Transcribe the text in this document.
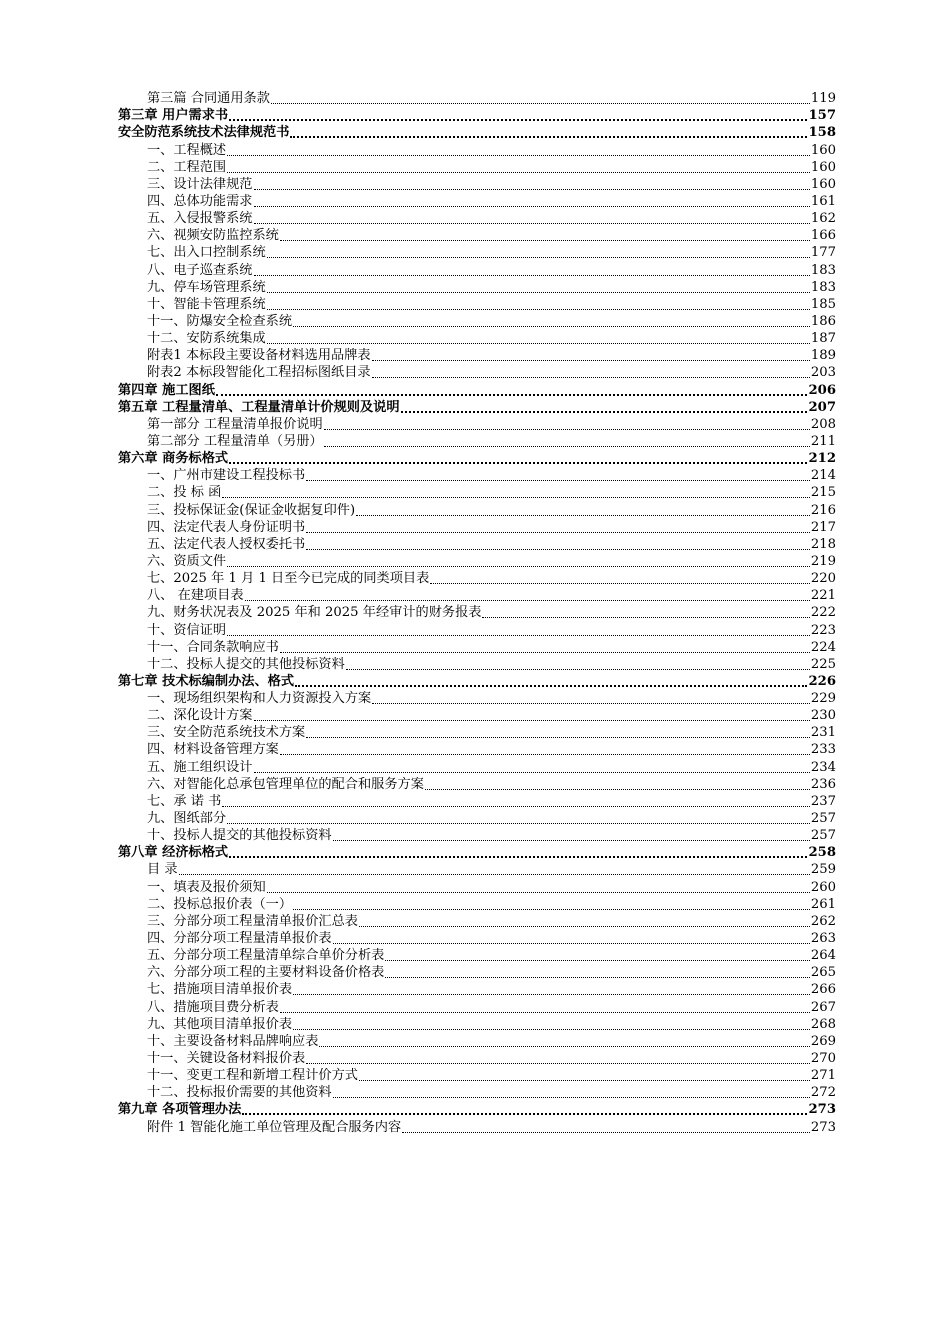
第三篇 合同通用条款	119
第三章 用户需求书	157
安全防范系统技术法律规范书	158
一、工程概述	160
二、工程范围	160
三、设计法律规范	160
四、总体功能需求	161
五、入侵报警系统	162
六、视频安防监控系统	166
七、出入口控制系统	177
八、电子巡查系统	183
九、停车场管理系统	183
十、智能卡管理系统	185
十一、防爆安全检查系统	186
十二、安防系统集成	187
附表1 本标段主要设备材料选用品牌表	189
附表2 本标段智能化工程招标图纸目录	203
第四章 施工图纸	206
第五章 工程量清单、工程量清单计价规则及说明	207
第一部分 工程量清单报价说明	208
第二部分 工程量清单（另册）	211
第六章 商务标格式	212
一、广州市建设工程投标书	214
二、投 标 函	215
三、投标保证金(保证金收据复印件)	216
四、法定代表人身份证明书	217
五、法定代表人授权委托书	218
六、资质文件	219
七、2025 年 1 月 1 日至今已完成的同类项目表	220
八、 在建项目表	221
九、财务状况表及 2025 年和 2025 年经审计的财务报表	222
十、资信证明	223
十一、合同条款响应书	224
十二、投标人提交的其他投标资料	225
第七章 技术标编制办法、格式	226
一、现场组织架构和人力资源投入方案	229
二、深化设计方案	230
三、安全防范系统技术方案	231
四、材料设备管理方案	233
五、施工组织设计	234
六、对智能化总承包管理单位的配合和服务方案	236
七、承 诺 书	237
九、图纸部分	257
十、投标人提交的其他投标资料	257
第八章 经济标格式	258
目 录	259
一、填表及报价须知	260
二、投标总报价表（一）	261
三、分部分项工程量清单报价汇总表	262
四、分部分项工程量清单报价表	263
五、分部分项工程量清单综合单价分析表	264
六、分部分项工程的主要材料设备价格表	265
七、措施项目清单报价表	266
八、措施项目费分析表	267
九、其他项目清单报价表	268
十、主要设备材料品牌响应表	269
十一、关键设备材料报价表	270
十一、变更工程和新增工程计价方式	271
十二、投标报价需要的其他资料	272
第九章 各项管理办法	273
附件 1 智能化施工单位管理及配合服务内容	273
